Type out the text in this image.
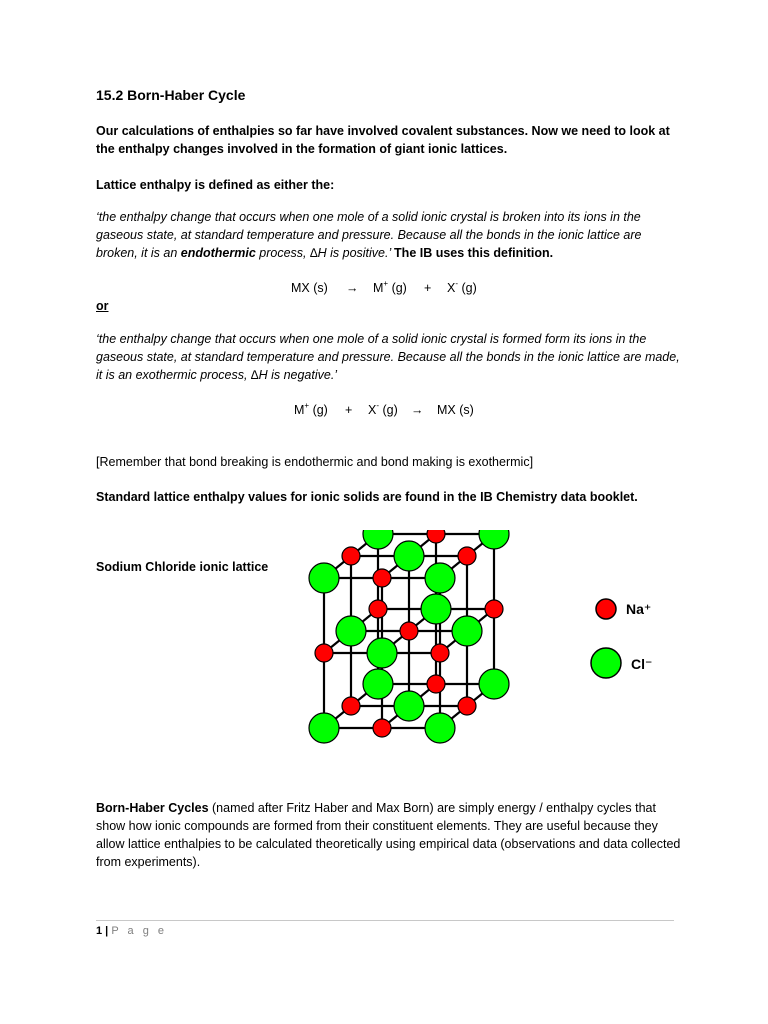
15.2 Born-Haber Cycle
Our calculations of enthalpies so far have involved covalent substances. Now we need to look at the enthalpy changes involved in the formation of giant ionic lattices.
Lattice enthalpy is defined as either the:
‘the enthalpy change that occurs when one mole of a solid ionic crystal is broken into its ions in the gaseous state, at standard temperature and pressure. Because all the bonds in the ionic lattice are broken, it is an endothermic process, ∆H is positive.’ The IB uses this definition.
MX (s) → M+ (g) + X- (g)
or
‘the enthalpy change that occurs when one mole of a solid ionic crystal is formed form its ions in the gaseous state, at standard temperature and pressure. Because all the bonds in the ionic lattice are made, it is an exothermic process, ∆H is negative.’
M+ (g) + X- (g) → MX (s)
[Remember that bond breaking is endothermic and bond making is exothermic]
Standard lattice enthalpy values for ionic solids are found in the IB Chemistry data booklet.
Sodium Chloride ionic lattice
Na⁺
Cl⁻
Born-Haber Cycles (named after Fritz Haber and Max Born) are simply energy / enthalpy cycles that show how ionic compounds are formed from their constituent elements. They are useful because they allow lattice enthalpies to be calculated theoretically using empirical data (observations and data collected from experiments).
1 | P a g e
